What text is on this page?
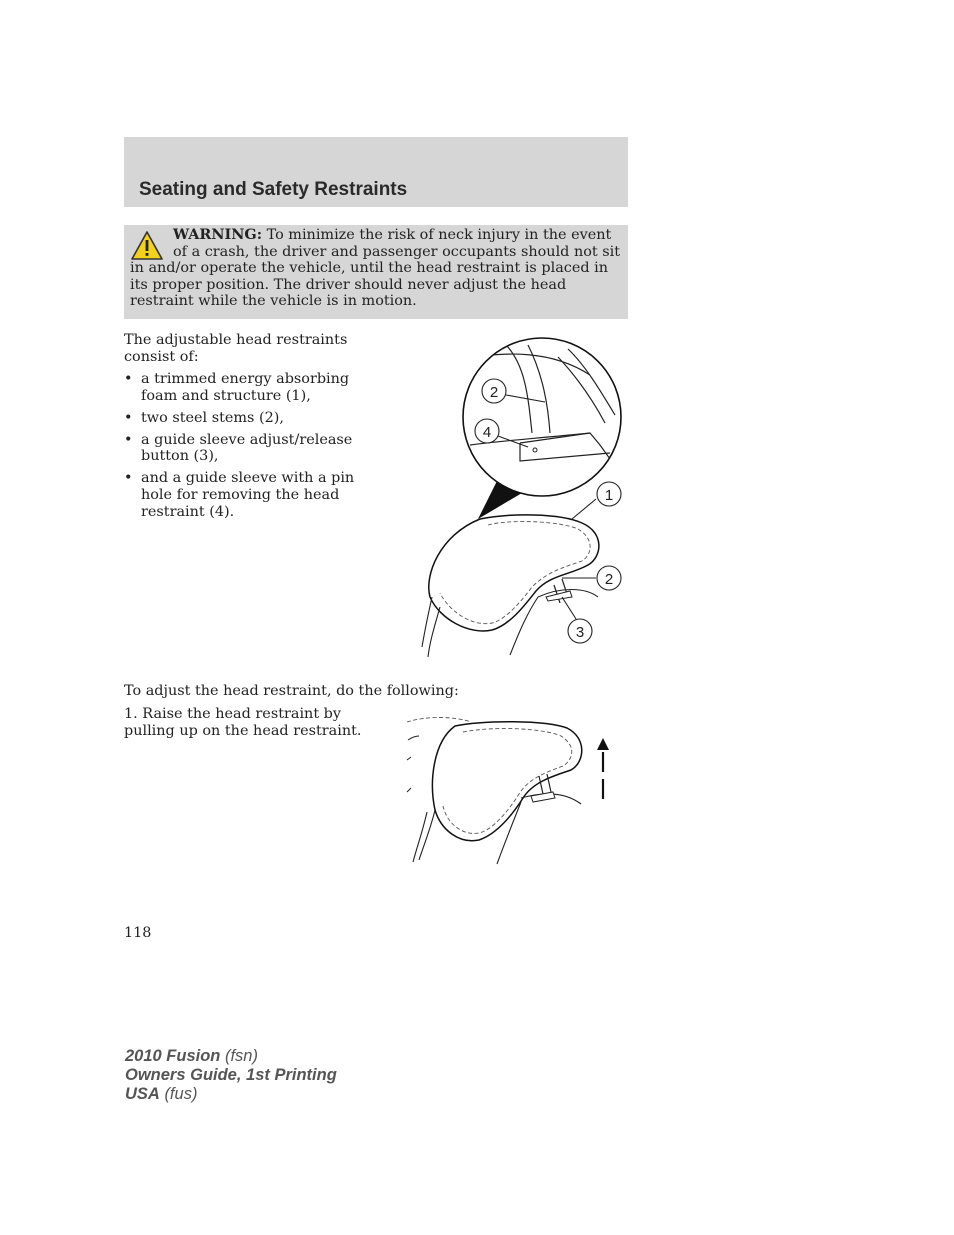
Seating and Safety Restraints
WARNING: To minimize the risk of neck injury in the event of a crash, the driver and passenger occupants should not sit in and/or operate the vehicle, until the head restraint is placed in its proper position. The driver should never adjust the head restraint while the vehicle is in motion.
The adjustable head restraints consist of:
• a trimmed energy absorbing foam and structure (1),
• two steel stems (2),
• a guide sleeve adjust/release button (3),
• and a guide sleeve with a pin hole for removing the head restraint (4).
2
4
1
2
3
To adjust the head restraint, do the following:
1. Raise the head restraint by pulling up on the head restraint.
118
2010 Fusion (fsn)
Owners Guide, 1st Printing
USA (fus)
